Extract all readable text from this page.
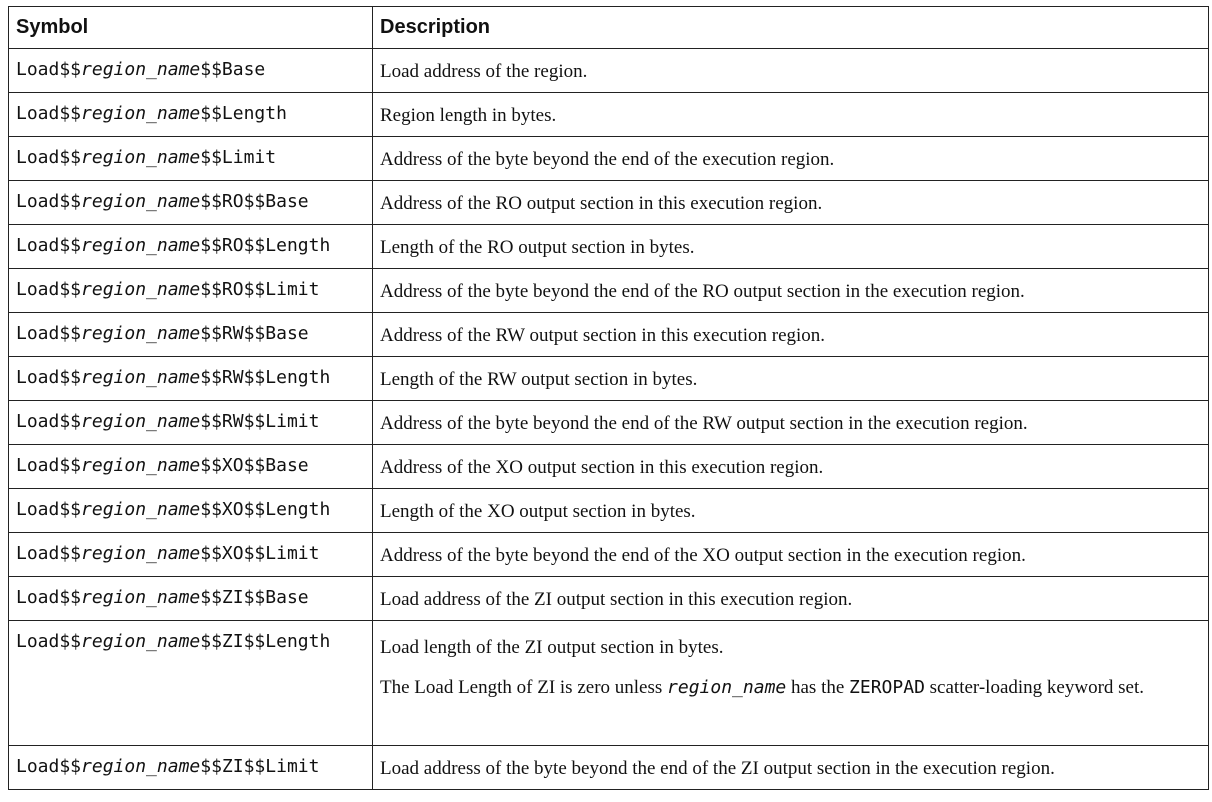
Symbol	Description
Load$$region_name$$Base	Load address of the region.
Load$$region_name$$Length	Region length in bytes.
Load$$region_name$$Limit	Address of the byte beyond the end of the execution region.
Load$$region_name$$RO$$Base	Address of the RO output section in this execution region.
Load$$region_name$$RO$$Length	Length of the RO output section in bytes.
Load$$region_name$$RO$$Limit	Address of the byte beyond the end of the RO output section in the execution region.
Load$$region_name$$RW$$Base	Address of the RW output section in this execution region.
Load$$region_name$$RW$$Length	Length of the RW output section in bytes.
Load$$region_name$$RW$$Limit	Address of the byte beyond the end of the RW output section in the execution region.
Load$$region_name$$XO$$Base	Address of the XO output section in this execution region.
Load$$region_name$$XO$$Length	Length of the XO output section in bytes.
Load$$region_name$$XO$$Limit	Address of the byte beyond the end of the XO output section in the execution region.
Load$$region_name$$ZI$$Base	Load address of the ZI output section in this execution region.
Load$$region_name$$ZI$$Length	Load length of the ZI output section in bytes.
The Load Length of ZI is zero unless region_name has the ZEROPAD scatter-loading keyword set.

Load$$region_name$$ZI$$Limit	Load address of the byte beyond the end of the ZI output section in the execution region.
